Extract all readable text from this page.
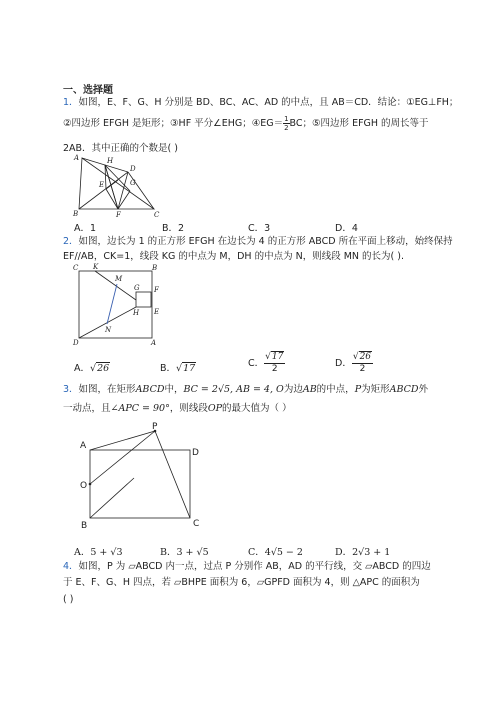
一、选择题
1．如图，E、F、G、H 分别是 BD、BC、AC、AD 的中点，且 AB＝CD．结论：①EG⊥FH；
②四边形 EFGH 是矩形；③HF 平分∠EHG；④EG＝ $\frac{1}{2}$ BC；⑤四边形 EFGH 的周长等于
2AB．其中正确的个数是( )
A	H
D
E	G
B	F	C
A．1	B．2	C．3	D．4
2．如图，边长为 1 的正方形 EFGH 在边长为 4 的正方形 ABCD 所在平面上移动，始终保持
EF//AB，CK=1，线段 KG 的中点为 M，DH 的中点为 N，则线段 MN 的长为( ).
C K	B
M
G F
E
H
N
D	A
A．√26	B．√17	C． $\frac{√17}{2}$	D． $\frac{√26}{2}$
3．如图，在矩形ABCD中，BC = 2√5, AB = 4, O为边AB的中点，P为矩形ABCD外
一动点，且∠APC = 90°，则线段OP的最大值为（ ）
P
A
D
O
B	C
A．5 + √3	B．3 + √5	C．4√5 − 2	D．2√3 + 1
4．如图，P 为 ▱ABCD 内一点，过点 P 分别作 AB，AD 的平行线，交 ▱ABCD 的四边
于 E、F、G、H 四点，若 ▱BHPE 面积为 6，▱GPFD 面积为 4，则 △APC 的面积为
( )
